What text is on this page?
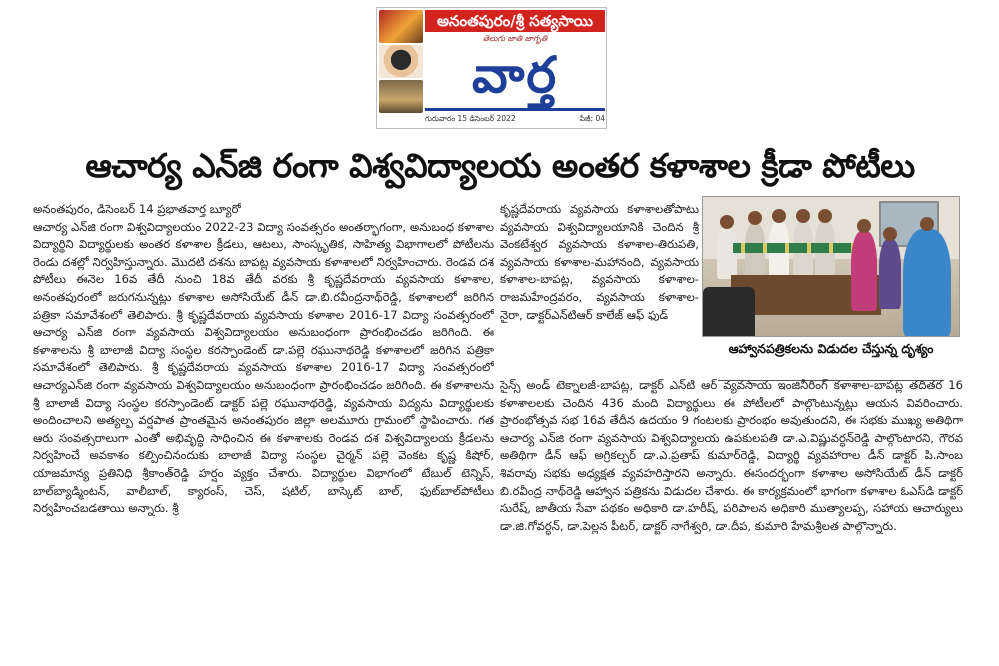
అనంతపురం/శ్రీ సత్యసాయి
తెలుగు జాతి జాగృతి
వార్త
గురువారం 15 డిసెంబర్ 2022	పేజీ: 04
ఆచార్య ఎన్‌జి రంగా విశ్వవిద్యాలయ అంతర కళాశాల క్రీడా పోటీలు
అనంతపురం, డిసెంబర్ 14 ప్రభాతవార్త బ్యూరో

ఆచార్య ఎన్‌జి రంగా విశ్వవిద్యాలయం 2022-23 విద్యా సంవత్సరం అంతర్భాగంగా, అనుబంధ కళాశాల విద్యార్థిని విద్యార్థులకు అంతర కళాశాల క్రీడలు, ఆటలు, సాంస్కృతిక, సాహిత్య విభాగాలలో పోటీలను రెండు దశల్లో నిర్వహిస్తున్నారు. మొదటి దశను బాపట్ల వ్యవసాయ కళాశాలలో నిర్వహించారు. రెండవ దశ పోటీలు ఈనెల 16వ తేదీ నుంచి 18వ తేదీ వరకు శ్రీ కృష్ణదేవరాయ వ్యవసాయ కళాశాల, అనంతపురంలో జరుగనున్నట్లు కళాశాల అసోసియేట్ డీన్ డా.బి.రవీంద్రనాథ్‌రెడ్డి, కళాశాలలో జరిగిన పత్రికా సమావేశంలో తెలిపారు. శ్రీ కృష్ణదేవరాయ వ్యవసాయ కళాశాల 2016-17 విద్యా సంవత్సరంలో ఆచార్య ఎన్‌జి రంగా వ్యవసాయ విశ్వవిద్యాలయం అనుబంధంగా ప్రారంభించడం జరిగింది. ఈ కళాశాలను శ్రీ బాలాజీ విద్యా సంస్థల కరస్పాండెంట్ డా.పల్లె రఘునాథరెడ్డి కళాశాలలో జరిగిన పత్రికా సమావేశంలో తెలిపారు. శ్రీ కృష్ణదేవరాయ వ్యవసాయ కళాశాల 2016-17 విద్యా సంవత్సరంలో ఆచార్యఎన్‌జి రంగా వ్యవసాయ విశ్వవిద్యాలయం అనుబంధంగా ప్రారంభించడం జరిగింది. ఈ కళాశాలను శ్రీ బాలాజీ విద్యా సంస్థల కరస్పాండెంట్ డాక్టర్ పల్లె రఘునాథరెడ్డి, వ్యవసాయ విద్యను విద్యార్థులకు అందించాలని అత్యల్ప వర్షపాత ప్రాంతమైన అనంతపురం జిల్లా అలమూరు గ్రామంలో స్థాపించారు. గత ఆరు సంవత్సరాలుగా ఎంతో అభివృద్ధి సాధించిన ఈ కళాశాలకు రెండవ దశ విశ్వవిద్యాలయ క్రీడలను నిర్వహించే అవకాశం కల్పించినందుకు బాలాజీ విద్యా సంస్థల చైర్మన్ పల్లె వెంకట కృష్ణ కిషోర్, యాజమాన్య ప్రతినిధి శ్రీకాంత్‌రెడ్డి హర్షం వ్యక్తం చేశారు. విద్యార్థుల విభాగంలో టేబుల్ టెన్నిస్, బాల్‌బ్యాడ్మింటన్, వాలీబాల్, క్యారంస్, చెస్, షటిల్, బాస్కెట్ బాల్, ఫుట్‌బాల్‌పోటీలు నిర్వహించబడతాయి అన్నారు. శ్రీ

కృష్ణదేవరాయ వ్యవసాయ కళాశాలతోపాటు వ్యవసాయ విశ్వవిద్యాలయానికి చెందిన శ్రీ వెంకటేశ్వర వ్యవసాయ కళాశాల-తిరుపతి, వ్యవసాయ కళాశాల-మహానంది, వ్యవసాయ కళాశాల-బాపట్ల, వ్యవసాయ కళాశాల-రాజమహేంద్రవరం, వ్యవసాయ కళాశాల-నైరా, డాక్టర్ఎన్‌టిఆర్ కాలేజ్ ఆఫ్ ఫుడ్

ఆహ్వానపత్రికలను విడుదల చేస్తున్న దృశ్యం

సైన్స్ అండ్ టెక్నాలజీ-బాపట్ల, డాక్టర్ ఎన్‌టి ఆర్ వ్యవసాయ ఇంజినీరింగ్ కళాశాల-బాపట్ల తదితర 16 కళాశాలలకు చెందిన 436 మంది విద్యార్థులు ఈ పోటీలలో పాల్గొంటున్నట్లు ఆయన వివరించారు. ప్రారంభోత్సవ సభ 16వ తేదీన ఉదయం 9 గంటలకు ప్రారంభం అవుతుందని, ఈ సభకు ముఖ్య అతిథిగా ఆచార్య ఎన్‌జి రంగా వ్యవసాయ విశ్వవిద్యాలయ ఉపకులపతి డా.ఎ.విష్ణువర్ధన్‌రెడ్డి పాల్గొంటారని, గౌరవ అతిథిగా డీన్ ఆఫ్ అగ్రికల్చర్ డా.ఎ.ప్రతాప్ కుమార్‌రెడ్డి, విద్యార్థి వ్యవహారాల డీన్ డాక్టర్ పి.సాంబ శివరావు సభకు అధ్యక్షత వ్యవహరిస్తారని అన్నారు. ఈసందర్భంగా కళాశాల అసోసియేట్ డీన్ డాక్టర్ బి.రవీంద్ర నాథ్‌రెడ్డి ఆహ్వాన పత్రికను విడుదల చేశారు. ఈ కార్యక్రమంలో భాగంగా కళాశాల ఓఎస్‌డి డాక్టర్ సురేష్, జాతీయ సేవా పథకం అధికారి డా.హరీష్, పరిపాలన అధికారి ముత్యాలప్ప, సహాయ ఆచార్యులు డా.జి.గోవర్ధన్, డా.పెల్లన పీటర్, డాక్టర్ నాగేశ్వరి, డా.దీప, కుమారి హేమశ్రీలత పాల్గొన్నారు.
